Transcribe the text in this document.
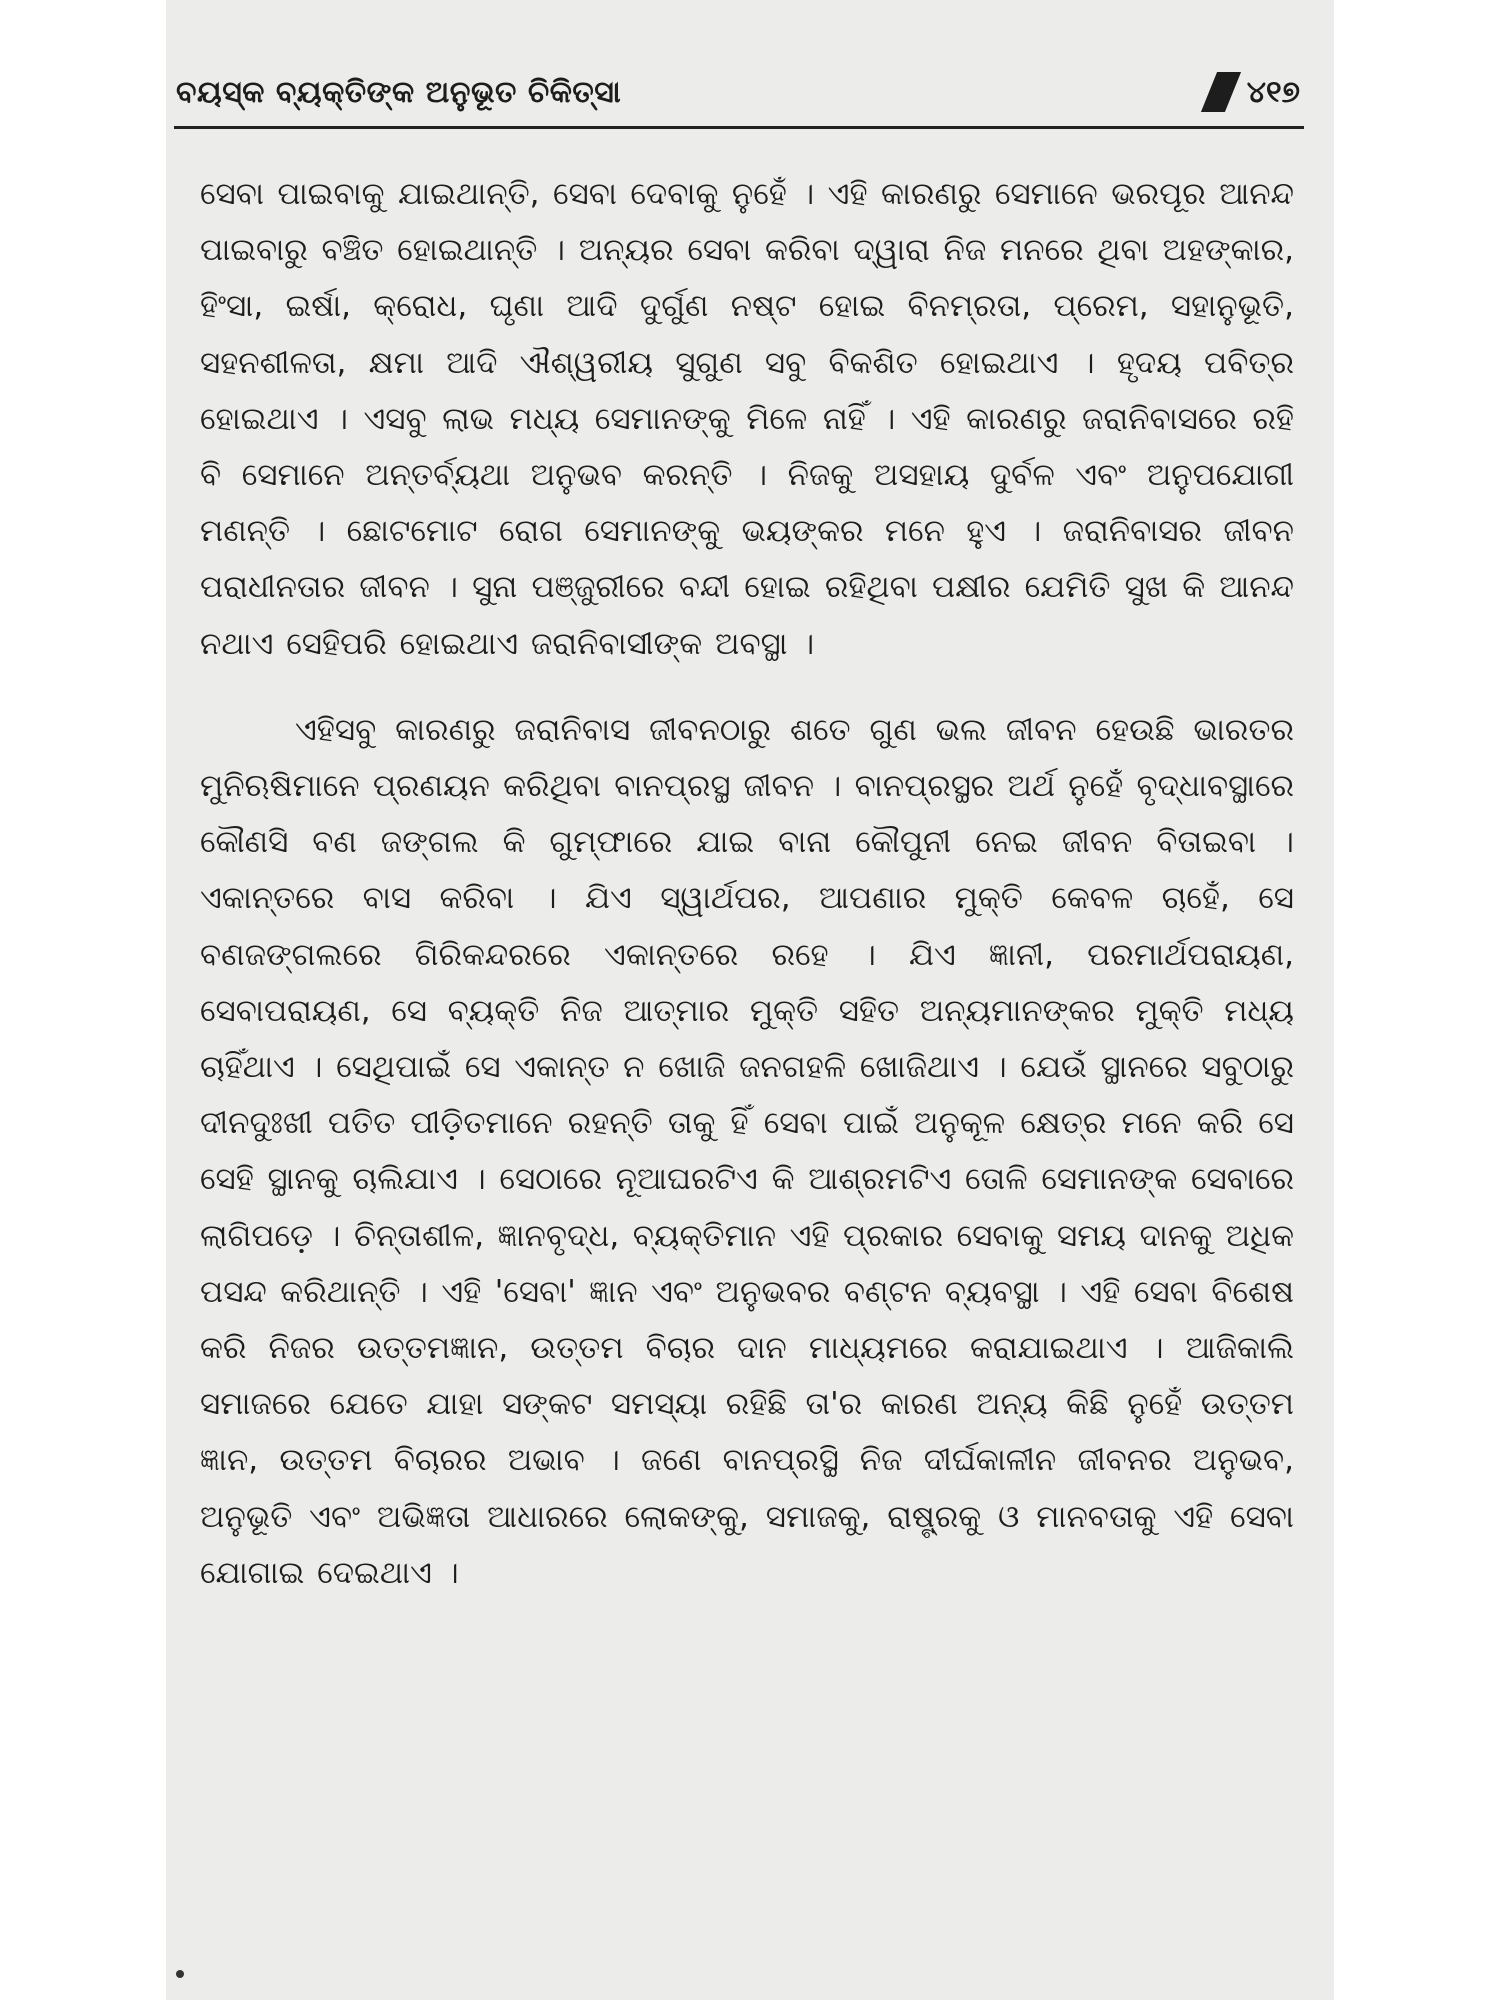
ବୟସ୍କ ବ୍ୟକ୍ତିଙ୍କ ଅନୁଭୂତ ଚିକିତ୍ସା	୪୧୭

ସେବା ପାଇବାକୁ ଯାଇଥାନ୍ତି, ସେବା ଦେବାକୁ ନୁହେଁ । ଏହି କାରଣରୁ ସେମାନେ ଭରପୂର ଆନନ୍ଦ ପାଇବାରୁ ବଞ୍ଚିତ ହୋଇଥାନ୍ତି । ଅନ୍ୟର ସେବା କରିବା ଦ୍ୱାରା ନିଜ ମନରେ ଥିବା ଅହଙ୍କାର, ହିଂସା, ଇର୍ଷା, କ୍ରୋଧ, ଘୃଣା ଆଦି ଦୁର୍ଗୁଣ ନଷ୍ଟ ହୋଇ ବିନମ୍ରତା, ପ୍ରେମ, ସହାନୁଭୂତି, ସହନଶୀଳତା, କ୍ଷମା ଆଦି ଐଶ୍ୱରୀୟ ସୁଗୁଣ ସବୁ ବିକଶିତ ହୋଇଥାଏ । ହୃଦୟ ପବିତ୍ର ହୋଇଥାଏ । ଏସବୁ ଲାଭ ମଧ୍ୟ ସେମାନଙ୍କୁ ମିଳେ ନାହିଁ । ଏହି କାରଣରୁ ଜରାନିବାସରେ ରହି ବି ସେମାନେ ଅନ୍ତର୍ବ୍ୟଥା ଅନୁଭବ କରନ୍ତି । ନିଜକୁ ଅସହାୟ ଦୁର୍ବଳ ଏବଂ ଅନୁପଯୋଗୀ ମଣନ୍ତି । ଛୋଟମୋଟ ରୋଗ ସେମାନଙ୍କୁ ଭୟଙ୍କର ମନେ ହୁଏ । ଜରାନିବାସର ଜୀବନ ପରାଧୀନତାର ଜୀବନ । ସୁନା ପଞ୍ଜୁରୀରେ ବନ୍ଦୀ ହୋଇ ରହିଥିବା ପକ୍ଷୀର ଯେମିତି ସୁଖ କି ଆନନ୍ଦ ନଥାଏ ସେହିପରି ହୋଇଥାଏ ଜରାନିବାସୀଙ୍କ ଅବସ୍ଥା ।

ଏହିସବୁ କାରଣରୁ ଜରାନିବାସ ଜୀବନଠାରୁ ଶତେ ଗୁଣ ଭଲ ଜୀବନ ହେଉଛି ଭାରତର ମୁନିଋଷିମାନେ ପ୍ରଣୟନ କରିଥିବା ବାନପ୍ରସ୍ଥ ଜୀବନ । ବାନପ୍ରସ୍ଥର ଅର୍ଥ ନୁହେଁ ବୃଦ୍ଧାବସ୍ଥାରେ କୌଣସି ବଣ ଜଙ୍ଗଲ କି ଗୁମ୍ଫାରେ ଯାଇ ବାନା କୌପୁନୀ ନେଇ ଜୀବନ ବିତାଇବା । ଏକାନ୍ତରେ ବାସ କରିବା । ଯିଏ ସ୍ୱାର୍ଥପର, ଆପଣାର ମୁକ୍ତି କେବଳ ଚାହେଁ, ସେ ବଣଜଙ୍ଗଲରେ ଗିରିକନ୍ଦରରେ ଏକାନ୍ତରେ ରହେ । ଯିଏ ଜ୍ଞାନୀ, ପରମାର୍ଥପରାୟଣ, ସେବାପରାୟଣ, ସେ ବ୍ୟକ୍ତି ନିଜ ଆତ୍ମାର ମୁକ୍ତି ସହିତ ଅନ୍ୟମାନଙ୍କର ମୁକ୍ତି ମଧ୍ୟ ଚାହିଁଥାଏ । ସେଥିପାଇଁ ସେ ଏକାନ୍ତ ନ ଖୋଜି ଜନଗହଳି ଖୋଜିଥାଏ । ଯେଉଁ ସ୍ଥାନରେ ସବୁଠାରୁ ଦୀନଦୁଃଖୀ ପତିତ ପୀଡ଼ିତମାନେ ରହନ୍ତି ତାକୁ ହିଁ ସେବା ପାଇଁ ଅନୁକୂଳ କ୍ଷେତ୍ର ମନେ କରି ସେ ସେହି ସ୍ଥାନକୁ ଚାଲିଯାଏ । ସେଠାରେ ନୂଆଘରଟିଏ କି ଆଶ୍ରମଟିଏ ତୋଳି ସେମାନଙ୍କ ସେବାରେ ଲାଗିପଡ଼େ । ଚିନ୍ତାଶୀଳ, ଜ୍ଞାନବୃଦ୍ଧ, ବ୍ୟକ୍ତିମାନ ଏହି ପ୍ରକାର ସେବାକୁ ସମୟ ଦାନକୁ ଅଧିକ ପସନ୍ଦ କରିଥାନ୍ତି । ଏହି 'ସେବା' ଜ୍ଞାନ ଏବଂ ଅନୁଭବର ବଣ୍ଟନ ବ୍ୟବସ୍ଥା । ଏହି ସେବା ବିଶେଷ କରି ନିଜର ଉତ୍ତମଜ୍ଞାନ, ଉତ୍ତମ ବିଚାର ଦାନ ମାଧ୍ୟମରେ କରାଯାଇଥାଏ । ଆଜିକାଲି ସମାଜରେ ଯେତେ ଯାହା ସଙ୍କଟ ସମସ୍ୟା ରହିଛି ତା'ର କାରଣ ଅନ୍ୟ କିଛି ନୁହେଁ ଉତ୍ତମ ଜ୍ଞାନ, ଉତ୍ତମ ବିଚାରର ଅଭାବ । ଜଣେ ବାନପ୍ରସ୍ଥି ନିଜ ଦୀର୍ଘକାଳୀନ ଜୀବନର ଅନୁଭବ, ଅନୁଭୂତି ଏବଂ ଅଭିଜ୍ଞତା ଆଧାରରେ ଲୋକଙ୍କୁ, ସମାଜକୁ, ରାଷ୍ଟ୍ରକୁ ଓ ମାନବତାକୁ ଏହି ସେବା ଯୋଗାଇ ଦେଇଥାଏ ।
